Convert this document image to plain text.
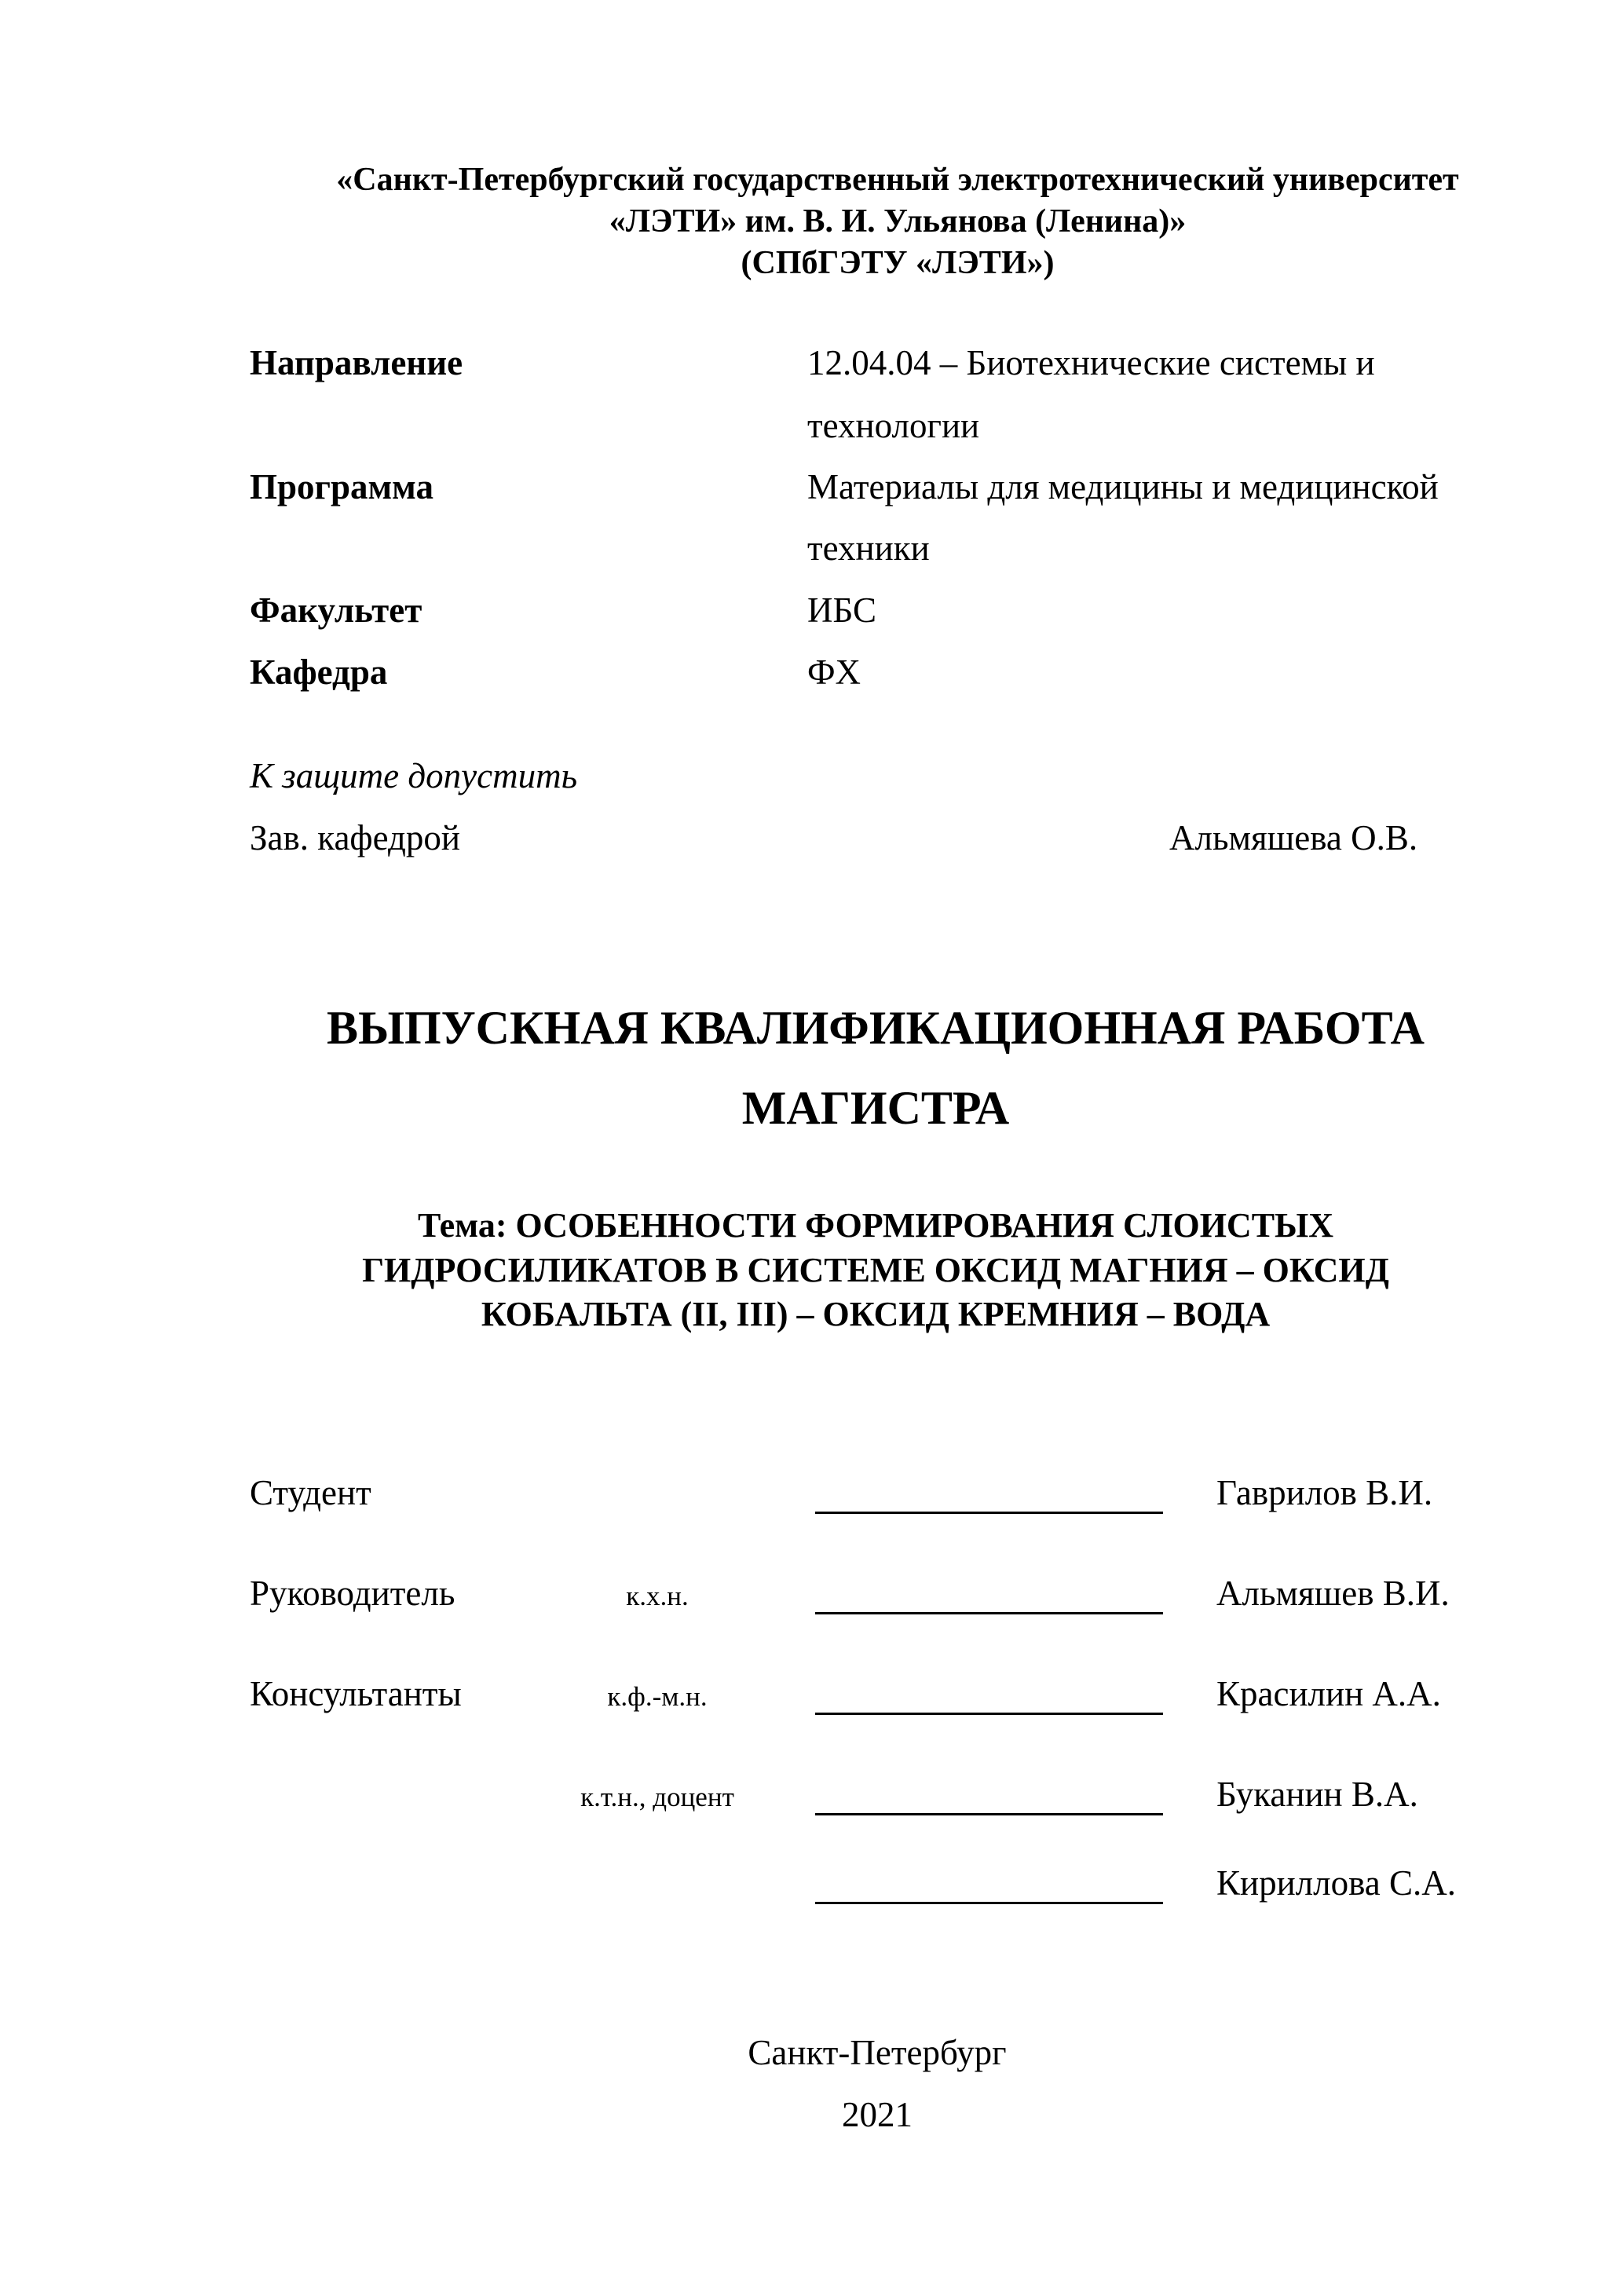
«Санкт-Петербургский государственный электротехнический университет
«ЛЭТИ» им. В. И. Ульянова (Ленина)»
(СПбГЭТУ «ЛЭТИ»)
Направление	12.04.04 – Биотехнические системы и
технологии
Программа	Материалы для медицины и медицинской
техники
Факультет	ИБС
Кафедра	ФХ
К защите допустить
Зав. кафедрой	Альмяшева О.В.
ВЫПУСКНАЯ КВАЛИФИКАЦИОННАЯ РАБОТА
МАГИСТРА
Тема: ОСОБЕННОСТИ ФОРМИРОВАНИЯ СЛОИСТЫХ
ГИДРОСИЛИКАТОВ В СИСТЕМЕ ОКСИД МАГНИЯ – ОКСИД
КОБАЛЬТА (II, III) – ОКСИД КРЕМНИЯ – ВОДА
Студент	Гаврилов В.И.
Руководитель	к.х.н.	Альмяшев В.И.
Консультанты	к.ф.-м.н.	Красилин А.А.
к.т.н., доцент	Буканин В.А.
Кириллова С.А.
Санкт-Петербург
2021
